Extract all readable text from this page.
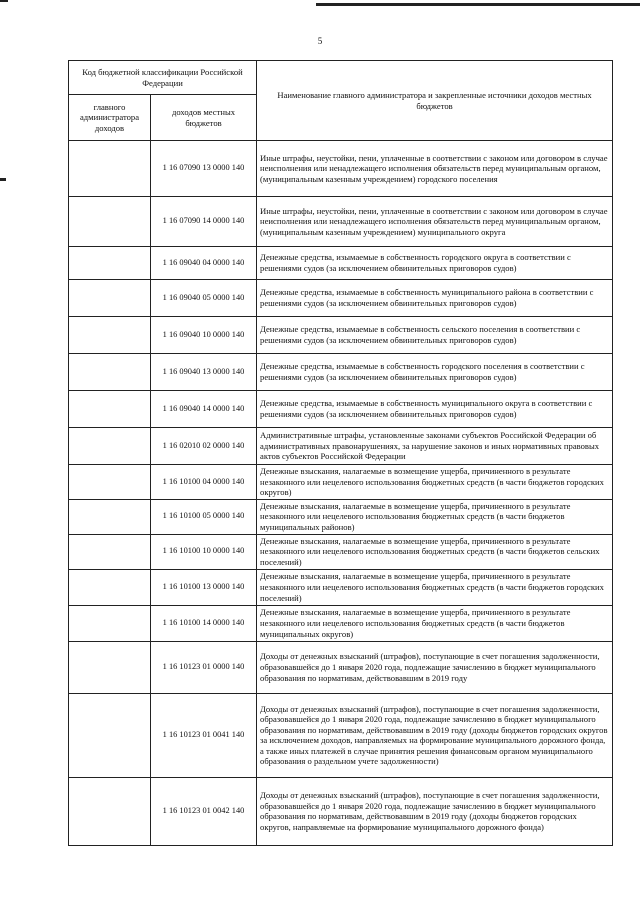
5
Код бюджетной классификации Российской Федерации		Наименование главного администратора и закрепленные источники доходов местных бюджетов
главного администратора доходов	доходов местных бюджетов	
	1 16 07090 13 0000 140	Иные штрафы, неустойки, пени, уплаченные в соответствии с законом или договором в случае неисполнения или ненадлежащего исполнения обязательств перед муниципальным органом, (муниципальным казенным учреждением) городского поселения
	1 16 07090 14 0000 140	Иные штрафы, неустойки, пени, уплаченные в соответствии с законом или договором в случае неисполнения или ненадлежащего исполнения обязательств перед муниципальным органом, (муниципальным казенным учреждением) муниципального округа
	1 16 09040 04 0000 140	Денежные средства, изымаемые в собственность городского округа в соответствии с решениями судов (за исключением обвинительных приговоров судов)
	1 16 09040 05 0000 140	Денежные средства, изымаемые в собственность муниципального района в соответствии с решениями судов (за исключением обвинительных приговоров судов)
	1 16 09040 10 0000 140	Денежные средства, изымаемые в собственность сельского поселения в соответствии с решениями судов (за исключением обвинительных приговоров судов)
	1 16 09040 13 0000 140	Денежные средства, изымаемые в собственность городского поселения в соответствии с решениями судов (за исключением обвинительных приговоров судов)
	1 16 09040 14 0000 140	Денежные средства, изымаемые в собственность муниципального округа в соответствии с решениями судов (за исключением обвинительных приговоров судов)
	1 16 02010 02 0000 140	Административные штрафы, установленные законами субъектов Российской Федерации об административных правонарушениях, за нарушение законов и иных нормативных правовых актов субъектов Российской Федерации
	1 16 10100 04 0000 140	Денежные взыскания, налагаемые в возмещение ущерба, причиненного в результате незаконного или нецелевого использования бюджетных средств (в части бюджетов городских округов)
	1 16 10100 05 0000 140	Денежные взыскания, налагаемые в возмещение ущерба, причиненного в результате незаконного или нецелевого использования бюджетных средств (в части бюджетов муниципальных районов)
	1 16 10100 10 0000 140	Денежные взыскания, налагаемые в возмещение ущерба, причиненного в результате незаконного или нецелевого использования бюджетных средств (в части бюджетов сельских поселений)
	1 16 10100 13 0000 140	Денежные взыскания, налагаемые в возмещение ущерба, причиненного в результате незаконного или нецелевого использования бюджетных средств (в части бюджетов городских поселений)
	1 16 10100 14 0000 140	Денежные взыскания, налагаемые в возмещение ущерба, причиненного в результате незаконного или нецелевого использования бюджетных средств (в части бюджетов муниципальных округов)
	1 16 10123 01 0000 140	Доходы от денежных взысканий (штрафов), поступающие в счет погашения задолженности, образовавшейся до 1 января 2020 года, подлежащие зачислению в бюджет муниципального образования по нормативам, действовавшим в 2019 году
	1 16 10123 01 0041 140	Доходы от денежных взысканий (штрафов), поступающие в счет погашения задолженности, образовавшейся до 1 января 2020 года, подлежащие зачислению в бюджет муниципального образования по нормативам, действовавшим в 2019 году (доходы бюджетов городских округов за исключением доходов, направляемых на формирование муниципального дорожного фонда, а также иных платежей в случае принятия решения финансовым органом муниципального образования о раздельном учете задолженности)
	1 16 10123 01 0042 140	Доходы от денежных взысканий (штрафов), поступающие в счет погашения задолженности, образовавшейся до 1 января 2020 года, подлежащие зачислению в бюджет муниципального образования по нормативам, действовавшим в 2019 году (доходы бюджетов городских округов, направляемые на формирование муниципального дорожного фонда)
